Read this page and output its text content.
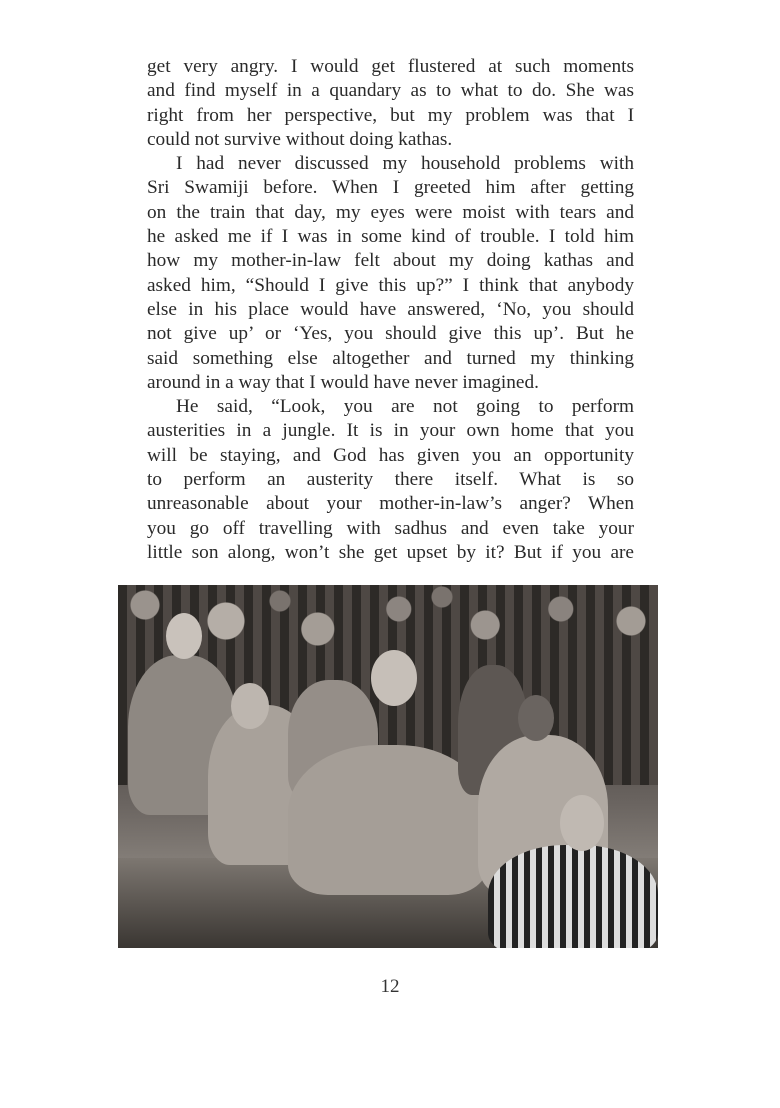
get very angry. I would get flustered at such moments
and find myself in a quandary as to what to do. She was
right from her perspective, but my problem was that I
could not survive without doing kathas.
I had never discussed my household problems with
Sri Swamiji before. When I greeted him after getting
on the train that day, my eyes were moist with tears and
he asked me if I was in some kind of trouble. I told him
how my mother-in-law felt about my doing kathas and
asked him, “Should I give this up?” I think that anybody
else in his place would have answered, ‘No, you should
not give up’ or ‘Yes, you should give this up’. But he
said something else altogether and turned my thinking
around in a way that I would have never imagined.
He said, “Look, you are not going to perform
austerities in a jungle. It is in your own home that you
will be staying, and God has given you an opportunity
to perform an austerity there itself. What is so
unreasonable about your mother-in-law’s anger? When
you go off travelling with sadhus and even take your
little son along, won’t she get upset by it? But if you are
12
